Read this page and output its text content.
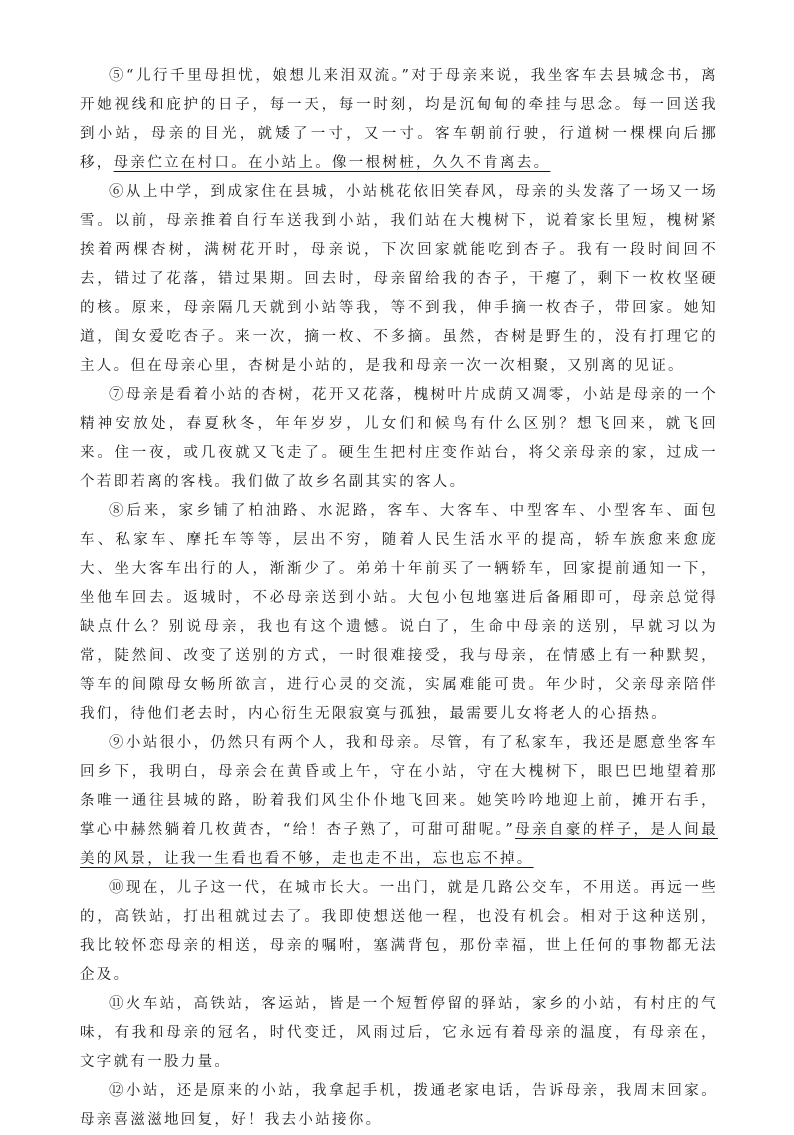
⑤“儿行千里母担忧，娘想儿来泪双流。”对于母亲来说，我坐客车去县城念书，离开她视线和庇护的日子，每一天，每一时刻，均是沉甸甸的牵挂与思念。每一回送我到小站，母亲的目光，就矮了一寸，又一寸。客车朝前行驶，行道树一棵棵向后挪移，母亲伫立在村口。在小站上。像一根树桩，久久不肯离去。

⑥从上中学，到成家住在县城，小站桃花依旧笑春风，母亲的头发落了一场又一场雪。以前，母亲推着自行车送我到小站，我们站在大槐树下，说着家长里短，槐树紧挨着两棵杏树，满树花开时，母亲说，下次回家就能吃到杏子。我有一段时间回不去，错过了花落，错过果期。回去时，母亲留给我的杏子，干瘪了，剩下一枚枚坚硬的核。原来，母亲隔几天就到小站等我，等不到我，伸手摘一枚杏子，带回家。她知道，闺女爱吃杏子。来一次，摘一枚、不多摘。虽然，杏树是野生的，没有打理它的主人。但在母亲心里，杏树是小站的，是我和母亲一次一次相聚，又别离的见证。

⑦母亲是看着小站的杏树，花开又花落，槐树叶片成荫又凋零，小站是母亲的一个精神安放处，春夏秋冬，年年岁岁，儿女们和候鸟有什么区别？想飞回来，就飞回来。住一夜，或几夜就又飞走了。硬生生把村庄变作站台，将父亲母亲的家，过成一个若即若离的客栈。我们做了故乡名副其实的客人。

⑧后来，家乡铺了柏油路、水泥路，客车、大客车、中型客车、小型客车、面包车、私家车、摩托车等等，层出不穷，随着人民生活水平的提高，轿车族愈来愈庞大、坐大客车出行的人，渐渐少了。弟弟十年前买了一辆轿车，回家提前通知一下，坐他车回去。返城时，不必母亲送到小站。大包小包地塞进后备厢即可，母亲总觉得缺点什么？别说母亲，我也有这个遗憾。说白了，生命中母亲的送别，早就习以为常，陡然间、改变了送别的方式，一时很难接受，我与母亲，在情感上有一种默契，等车的间隙母女畅所欲言，进行心灵的交流，实属难能可贵。年少时，父亲母亲陪伴我们，待他们老去时，内心衍生无限寂寞与孤独，最需要儿女将老人的心捂热。

⑨小站很小，仍然只有两个人，我和母亲。尽管，有了私家车，我还是愿意坐客车回乡下，我明白，母亲会在黄昏或上午，守在小站，守在大槐树下，眼巴巴地望着那条唯一通往县城的路，盼着我们风尘仆仆地飞回来。她笑吟吟地迎上前，摊开右手，掌心中赫然躺着几枚黄杏，“给！杏子熟了，可甜可甜呢。”母亲自豪的样子，是人间最美的风景，让我一生看也看不够，走也走不出，忘也忘不掉。

⑩现在，儿子这一代，在城市长大。一出门，就是几路公交车，不用送。再远一些的，高铁站，打出租就过去了。我即使想送他一程，也没有机会。相对于这种送别，我比较怀恋母亲的相送，母亲的嘱咐，塞满背包，那份幸福，世上任何的事物都无法企及。

⑪火车站，高铁站，客运站，皆是一个短暂停留的驿站，家乡的小站，有村庄的气味，有我和母亲的冠名，时代变迁，风雨过后，它永远有着母亲的温度，有母亲在，文字就有一股力量。

⑫小站，还是原来的小站，我拿起手机，拨通老家电话，告诉母亲，我周末回家。母亲喜滋滋地回复，好！我去小站接你。
